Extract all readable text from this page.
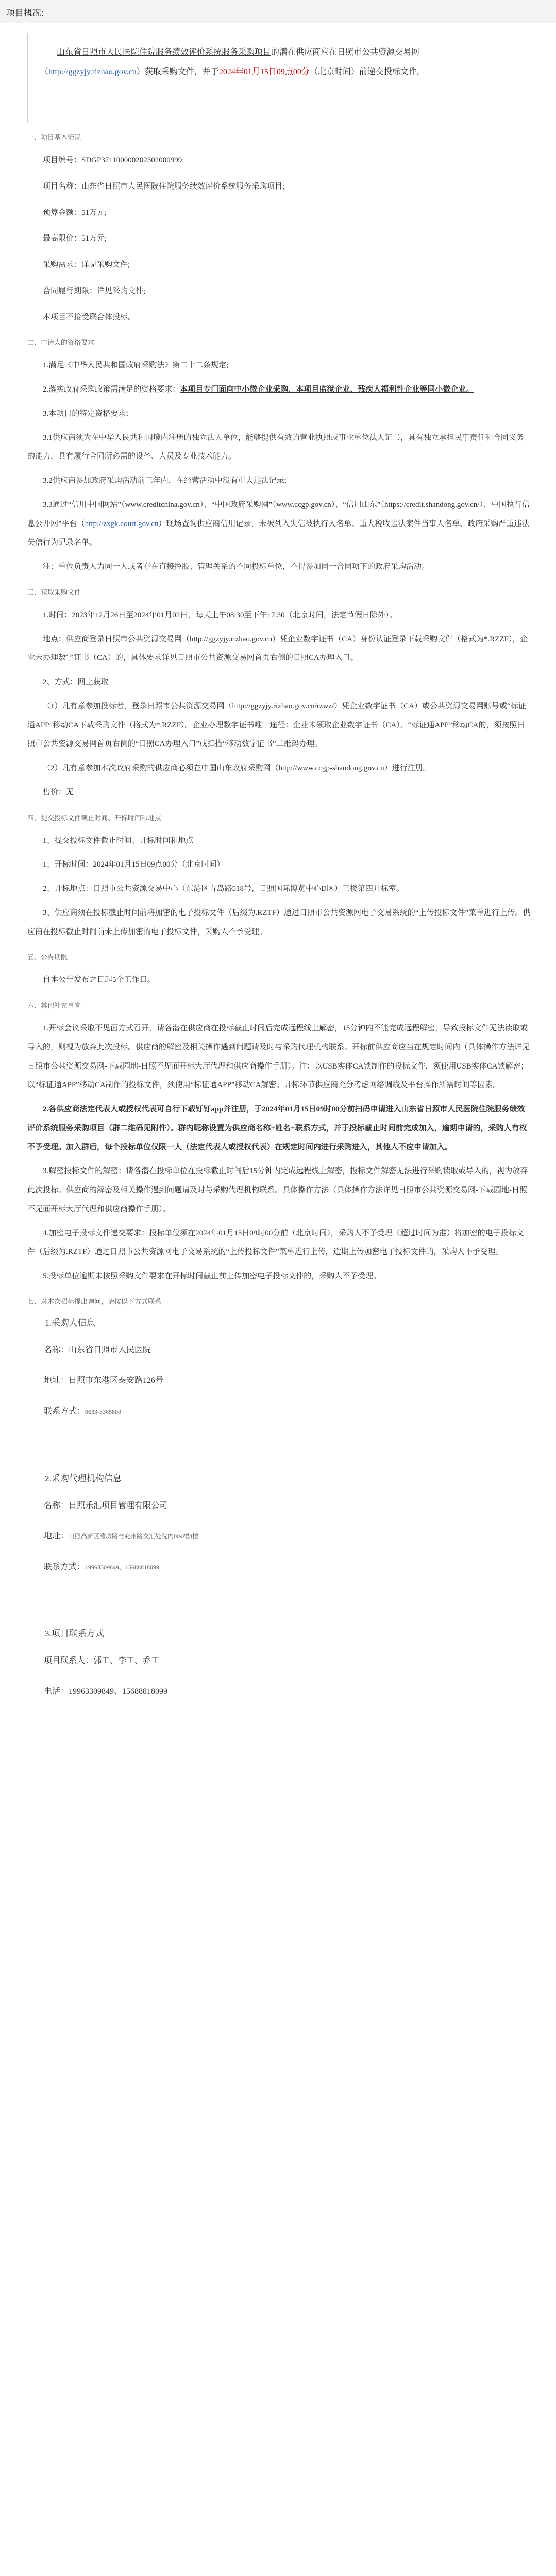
项目概况:

山东省日照市人民医院住院服务绩效评价系统服务采购项目的潜在供应商应在日照市公共资源交易网（http://ggzyjy.rizhao.gov.cn）获取采购文件，并于2024年01月15日09点00分（北京时间）前递交投标文件。

一、项目基本情况

项目编号：SDGP371100000202302000999;

项目名称：山东省日照市人民医院住院服务绩效评价系统服务采购项目;

预算金额：51万元;

最高限价：51万元;

采购需求：详见采购文件;

合同履行期限：详见采购文件;

本项目不接受联合体投标。

二、申请人的资格要求

1.满足《中华人民共和国政府采购法》第二十二条规定;

2.落实政府采购政策需满足的资格要求：本项目专门面向中小微企业采购，本项目监狱企业、残疾人福利性企业等同小微企业。

3.本项目的特定资格要求：

3.1供应商须为在中华人民共和国境内注册的独立法人单位，能够提供有效的营业执照或事业单位法人证书，具有独立承担民事责任和合同义务的能力，具有履行合同所必需的设备、人员及专业技术能力。

3.2供应商参加政府采购活动前三年内，在经营活动中没有重大违法记录;

3.3通过“信用中国网站”（www.creditchina.gov.cn）、“中国政府采购网”（www.ccgp.gov.cn）、“信用山东”（https://credit.shandong.gov.cn/）、中国执行信息公开网”平台（http://zxgk.court.gov.cn）现场查询供应商信用记录，未被列入失信被执行人名单、重大税收违法案件当事人名单、政府采购严重违法失信行为记录名单。

注：单位负责人为同一人或者存在直接控股、管理关系的不同投标单位，不得参加同一合同项下的政府采购活动。

三、获取采购文件

1.时间：2023年12月26日至2024年01月02日，每天上午08:30至下午17:30（北京时间，法定节假日除外）。

地点：供应商登录日照市公共资源交易网（http://ggzyjy.rizhao.gov.cn）凭企业数字证书（CA）身份认证登录下载采购文件（格式为*.RZZF），企业未办理数字证书（CA）的，具体要求详见日照市公共资源交易网首页右侧的日照CA办理入口。

2、方式：网上获取

（1）凡有意参加投标者，登录日照市公共资源交易网（http://ggzyjy.rizhao.gov.cn/rzwz/）凭企业数字证书（CA）或公共资源交易网账号或“标证通APP”移动CA下载采购文件（格式为*.RZZF）。企业办理数字证书唯一途径：企业未领取企业数字证书（CA）、“标证通APP”移动CA的，须按照日照市公共资源交易网首页右侧的“日照CA办理入口”或扫描“移动数字证书”二维码办理。

（2）凡有意参加本次政府采购的供应商必须在中国山东政府采购网（http://www.ccgp-shandong.gov.cn）进行注册。

售价：无

四、提交投标文件截止时间、开标时间和地点

1、提交投标文件截止时间、开标时间和地点

1、开标时间：2024年01月15日09点00分（北京时间）

2、开标地点：日照市公共资源交易中心（东港区青岛路518号，日照国际博览中心D区）三楼第四开标室。

3、供应商须在投标截止时间前将加密的电子投标文件（后缀为.RZTF）通过日照市公共资源网电子交易系统的“上传投标文件”菜单进行上传。供应商在投标截止时间前未上传加密的电子投标文件，采购人不予受理。

五、公告期限

自本公告发布之日起5个工作日。

六、其他补充事宜

1.开标会议采取不见面方式召开，请各潜在供应商在投标截止时间后完成远程线上解密，15分钟内不能完成远程解密，导致投标文件无法读取或导入的，则视为放弃此次投标。供应商的解密及相关操作遇到问题请及时与采购代理机构联系。开标前供应商应当在规定时间内（具体操作方法详见日照市公共资源交易网-下载园地-日照不见面开标大厅代理和供应商操作手册）。注：以USB实体CA锁制作的投标文件，须使用USB实体CA锁解密；以“标证通APP”移动CA制作的投标文件，须使用“标证通APP”移动CA解密。开标环节供应商充分考虑网络调线及平台操作所需时间等因素。

2.各供应商法定代表人或授权代表可自行下载钉钉app并注册，于2024年01月15日09时00分前扫码申请进入山东省日照市人民医院住院服务绩效评价系统服务采购项目（群二维码见附件）。群内昵称设置为供应商名称+姓名+联系方式，并于投标截止时间前完成加入，逾期申请的，采购人有权不予受理。加入群后，每个投标单位仅限一人（法定代表人或授权代表）在规定时间内进行采购进入，其他人不应申请加入。

3.解密投标文件的解密：请各潜在投标单位在投标截止时间后15分钟内完成远程线上解密，投标文件解密无法进行采购读取或导入的，视为放弃此次投标。供应商的解密及相关操作遇到问题请及时与采购代理机构联系。具体操作方法（具体操作方法详见日照市公共资源交易网-下载园地-日照不见面开标大厅代理和供应商操作手册）。

4.加密电子投标文件递交要求：投标单位须在2024年01月15日09时00分前（北京时间），采购人不予受理（超过时间为准）将加密的电子投标文件（后缀为.RZTF）通过日照市公共资源网电子交易系统的“上传投标文件”菜单进行上传，逾期上传加密电子投标文件的，采购人不予受理。

5.投标单位逾期未按照采购文件要求在开标时间截止前上传加密电子投标文件的，采购人不予受理。

七、对本次招标提出询问，请按以下方式联系
1.采购人信息

名称：山东省日照市人民医院

地址：日照市东港区泰安路126号

联系方式：0633-3365800

2.采购代理机构信息

名称：日照乐汇项目管理有限公司

地址：日照高新区潍坊路与兖州路交汇处院内004楼3楼

联系方式：19963309849、15688818099

3.项目联系方式

项目联系人：郭工、李工、乔工

电话：19963309849、15688818099
